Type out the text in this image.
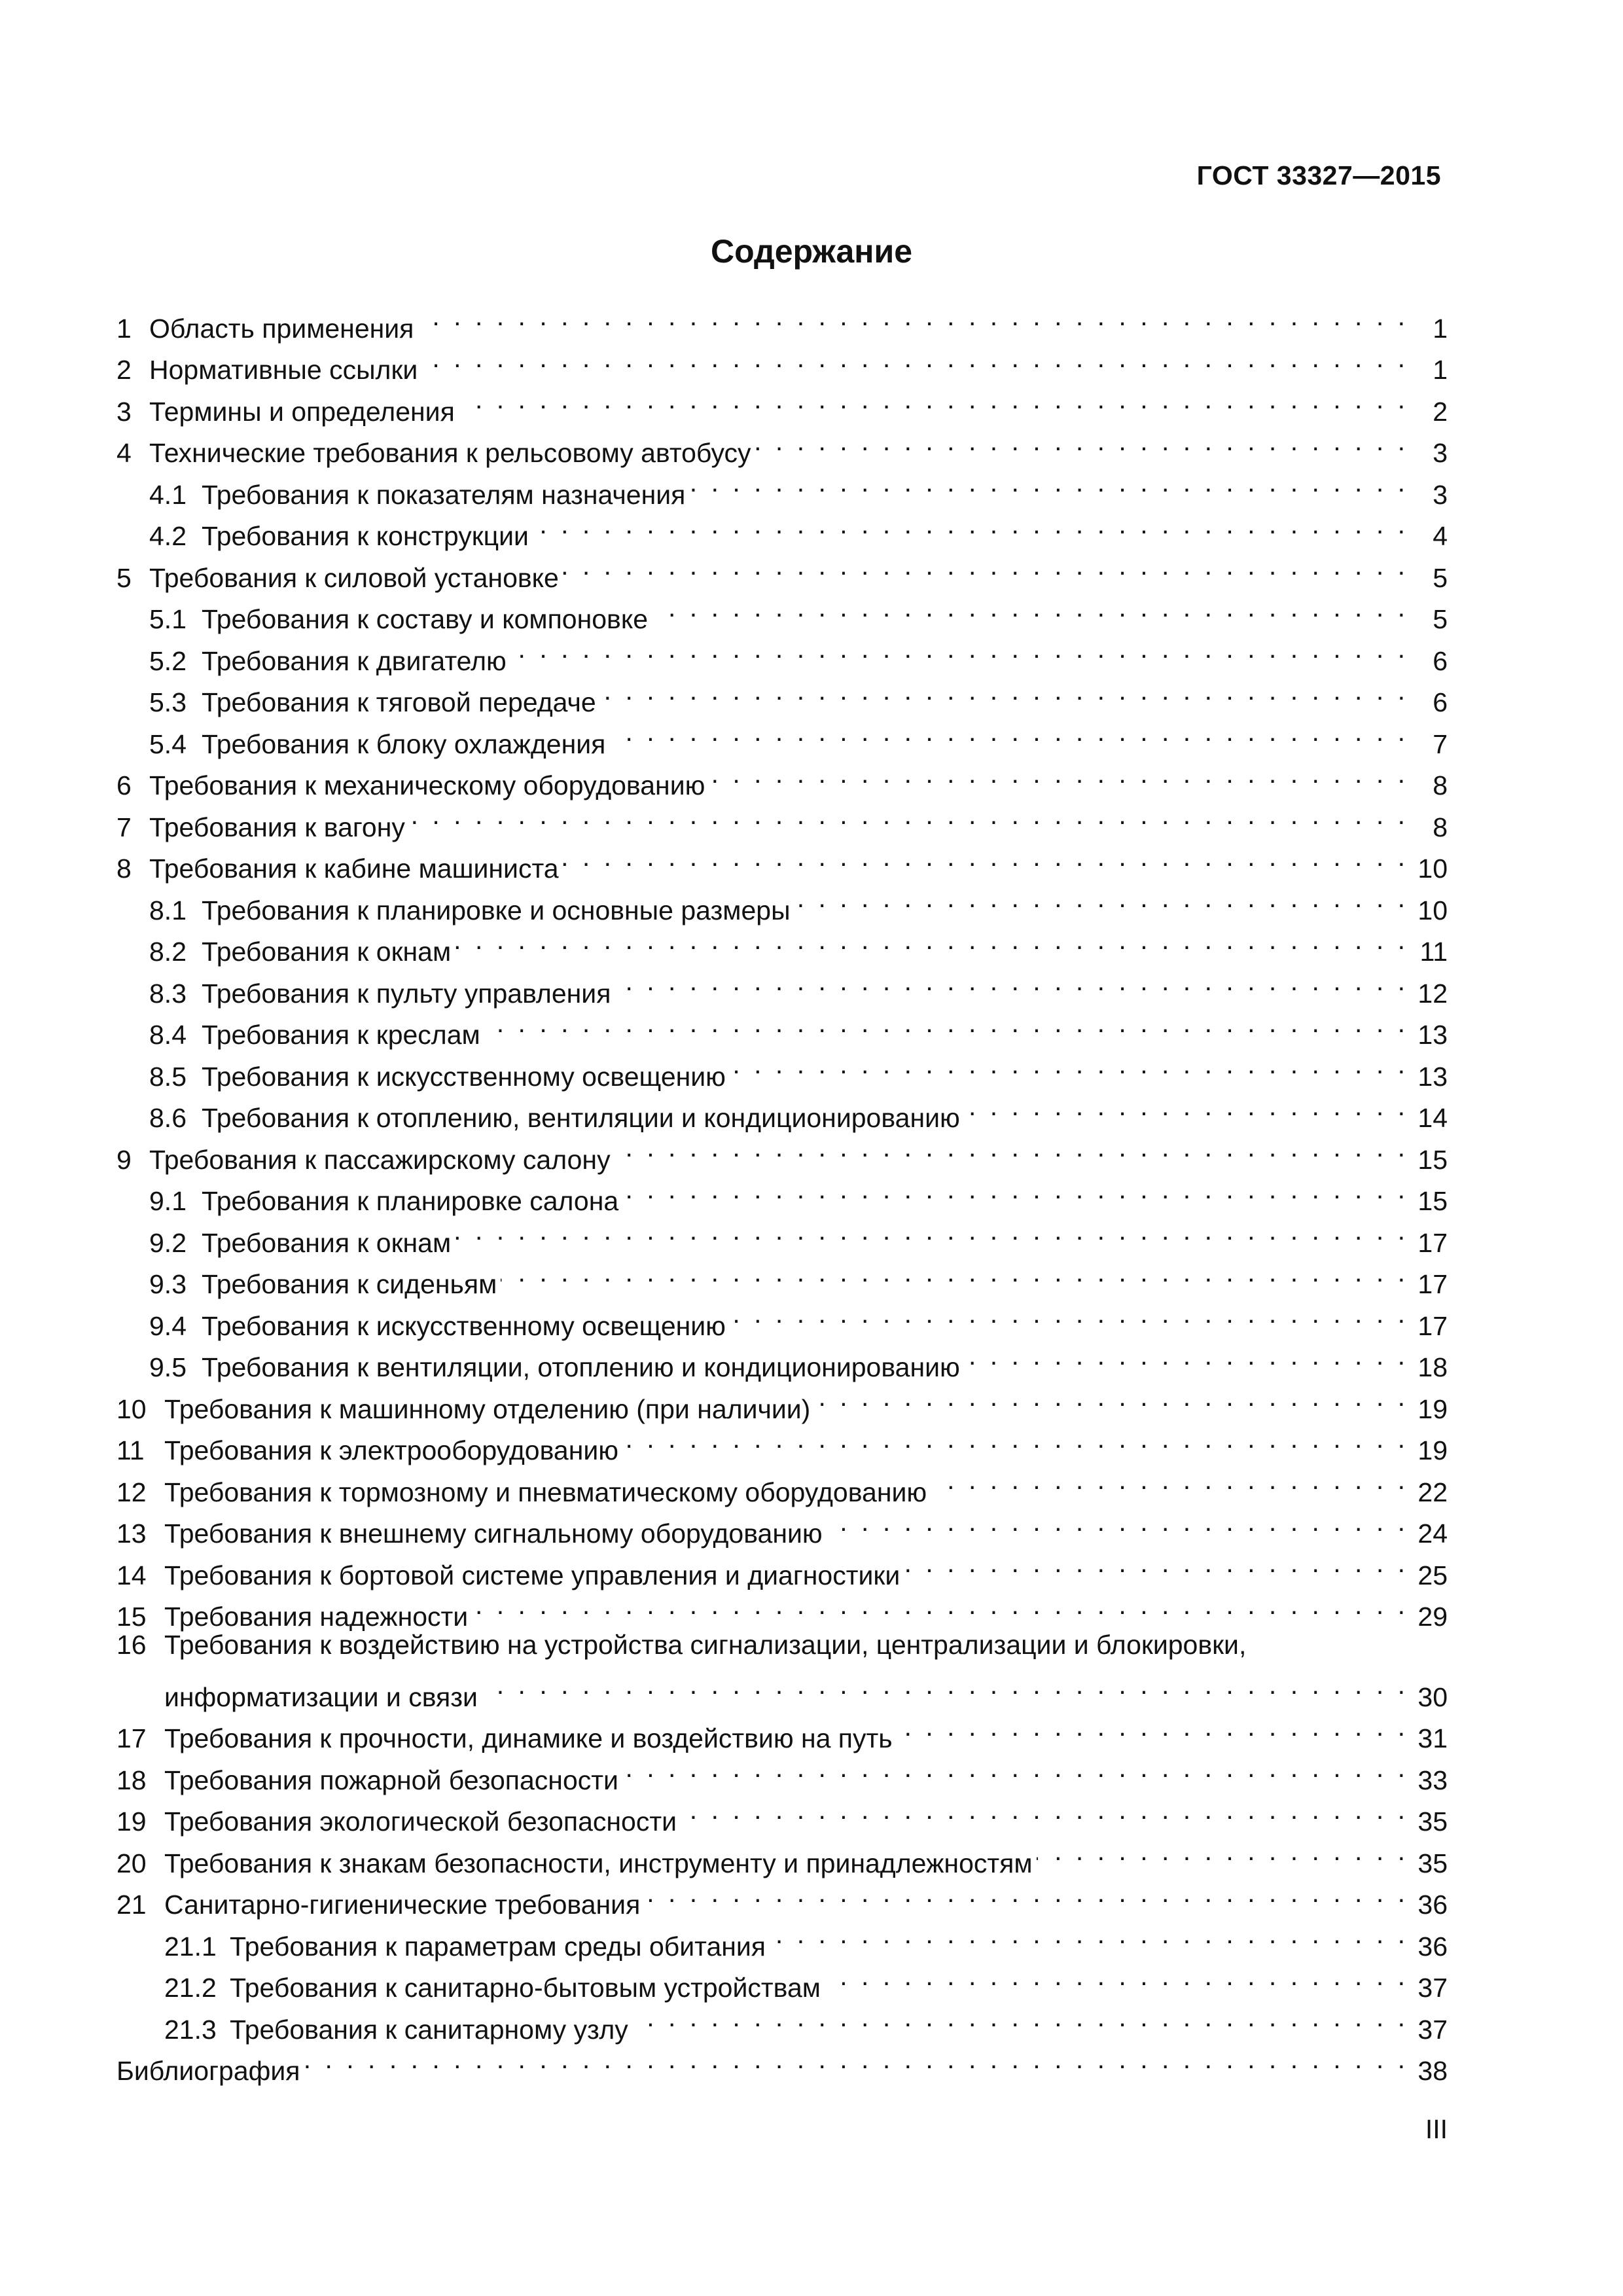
ГОСТ 33327—2015
Содержание
1 Область применения . . .	1
2 Нормативные ссылки . . .	1
3 Термины и определения . . .	2
4 Технические требования к рельсовому автобусу . . .	3
4.1 Требования к показателям назначения . . .	3
4.2 Требования к конструкции . . .	4
5 Требования к силовой установке . . .	5
5.1 Требования к составу и компоновке . . .	5
5.2 Требования к двигателю . . .	6
5.3 Требования к тяговой передаче . . .	6
5.4 Требования к блоку охлаждения . . .	7
6 Требования к механическому оборудованию . . .	8
7 Требования к вагону . . .	8
8 Требования к кабине машиниста . . .	10
8.1 Требования к планировке и основные размеры . . .	10
8.2 Требования к окнам . . .	11
8.3 Требования к пульту управления . . .	12
8.4 Требования к креслам . . .	13
8.5 Требования к искусственному освещению . . .	13
8.6 Требования к отоплению, вентиляции и кондиционированию . . .	14
9 Требования к пассажирскому салону . . .	15
9.1 Требования к планировке салона . . .	15
9.2 Требования к окнам . . .	17
9.3 Требования к сиденьям . . .	17
9.4 Требования к искусственному освещению . . .	17
9.5 Требования к вентиляции, отоплению и кондиционированию . . .	18
10 Требования к машинному отделению (при наличии) . . .	19
11 Требования к электрооборудованию . . .	19
12 Требования к тормозному и пневматическому оборудованию . . .	22
13 Требования к внешнему сигнальному оборудованию . . .	24
14 Требования к бортовой системе управления и диагностики . . .	25
15 Требования надежности . . .	29
16 Требования к воздействию на устройства сигнализации, централизации и блокировки,
информатизации и связи . . .	30
17 Требования к прочности, динамике и воздействию на путь . . .	31
18 Требования пожарной безопасности . . .	33
19 Требования экологической безопасности . . .	35
20 Требования к знакам безопасности, инструменту и принадлежностям . . .	35
21 Санитарно-гигиенические требования . . .	36
21.1 Требования к параметрам среды обитания . . .	36
21.2 Требования к санитарно-бытовым устройствам . . .	37
21.3 Требования к санитарному узлу . . .	37
Библиография . . .	38
III
